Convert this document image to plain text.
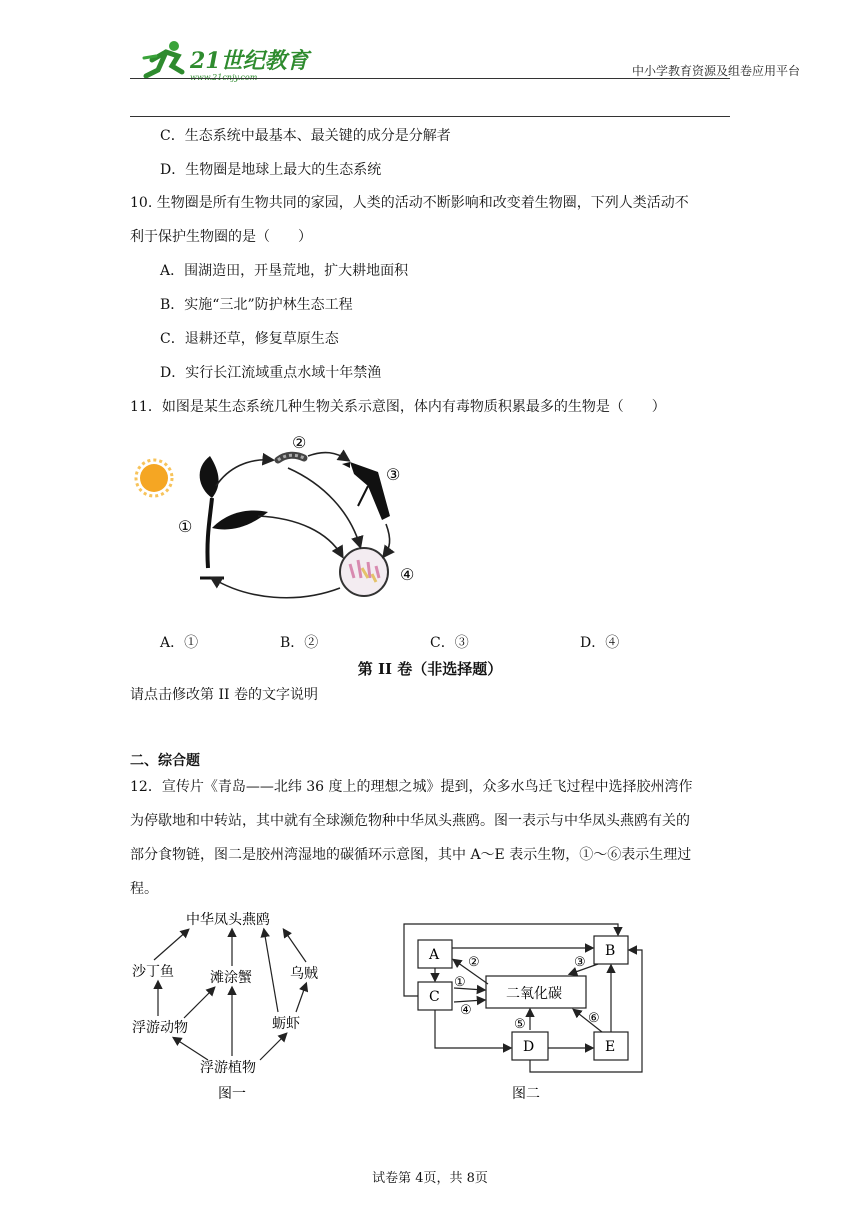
21世纪教育	中小学教育资源及组卷应用平台
C．生态系统中最基本、最关键的成分是分解者
D．生物圈是地球上最大的生态系统
10. 生物圈是所有生物共同的家园，人类的活动不断影响和改变着生物圈，下列人类活动不
利于保护生物圈的是（　　）
A．围湖造田，开垦荒地，扩大耕地面积
B．实施“三北”防护林生态工程
C．退耕还草，修复草原生态
D．实行长江流域重点水域十年禁渔
11．如图是某生态系统几种生物关系示意图，体内有毒物质积累最多的生物是（　　）
①
②
③
④
A．①	B．②	C．③	D．④
第 II 卷（非选择题）
请点击修改第 II 卷的文字说明
二、综合题
12．宣传片《青岛——北纬 36 度上的理想之城》提到，众多水鸟迁飞过程中选择胶州湾作
为停歇地和中转站，其中就有全球濒危物种中华凤头燕鸥。图一表示与中华凤头燕鸥有关的
部分食物链，图二是胶州湾湿地的碳循环示意图，其中 A～E 表示生物，①～⑥表示生理过
程。
中华凤头燕鸥
沙丁鱼	滩涂蟹	乌贼
浮游动物	蛎虾
浮游植物
图一
A
C
B
二氧化碳
D	E
②
①
④
③
⑤	⑥
图二
试卷第 4页，共 8页
